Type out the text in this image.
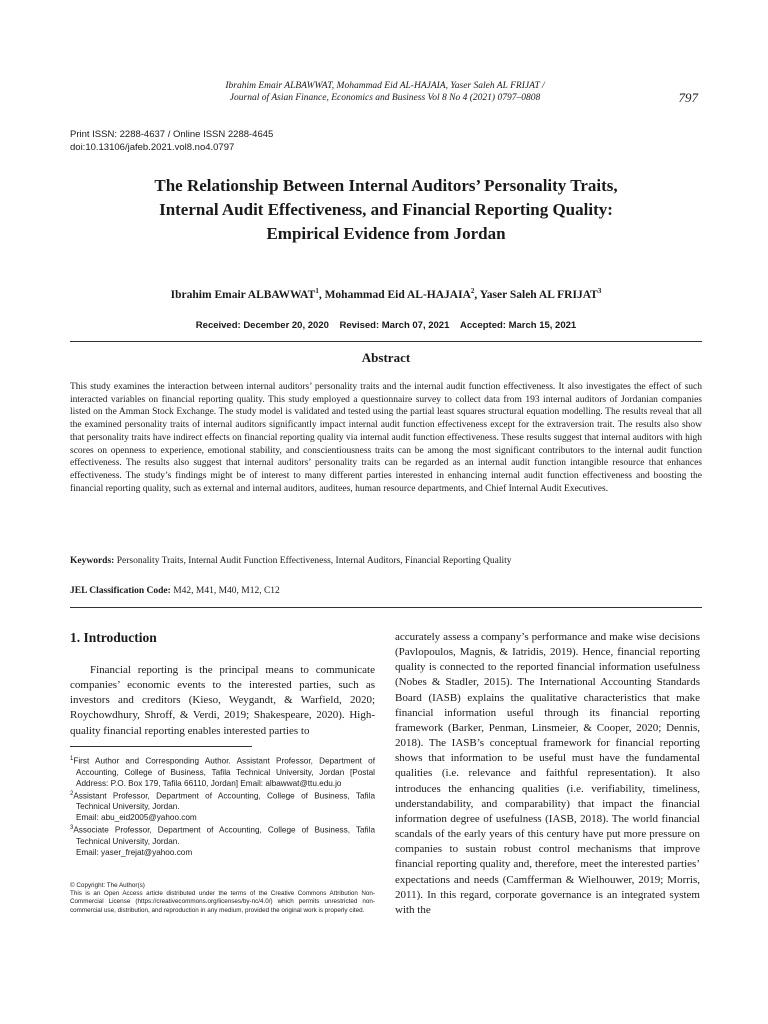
Ibrahim Emair ALBAWWAT, Mohammad Eid AL-HAJAIA, Yaser Saleh AL FRIJAT /
Journal of Asian Finance, Economics and Business Vol 8 No 4 (2021) 0797–0808	797
Print ISSN: 2288-4637 / Online ISSN 2288-4645
doi:10.13106/jafeb.2021.vol8.no4.0797
The Relationship Between Internal Auditors’ Personality Traits,
Internal Audit Effectiveness, and Financial Reporting Quality:
Empirical Evidence from Jordan
Ibrahim Emair ALBAWWAT$^1$, Mohammad Eid AL-HAJAIA$^2$, Yaser Saleh AL FRIJAT$^3$
Received: December 20, 2020 Revised: March 07, 2021 Accepted: March 15, 2021
Abstract
This study examines the interaction between internal auditors’ personality traits and the internal audit function effectiveness. It also investigates the effect of such interacted variables on financial reporting quality. This study employed a questionnaire survey to collect data from 193 internal auditors of Jordanian companies listed on the Amman Stock Exchange. The study model is validated and tested using the partial least squares structural equation modelling. The results reveal that all the examined personality traits of internal auditors significantly impact internal audit function effectiveness except for the extraversion trait. The results also show that personality traits have indirect effects on financial reporting quality via internal audit function effectiveness. These results suggest that internal auditors with high scores on openness to experience, emotional stability, and conscientiousness traits can be among the most significant contributors to the internal audit function effectiveness. The results also suggest that internal auditors’ personality traits can be regarded as an internal audit function intangible resource that enhances effectiveness. The study’s findings might be of interest to many different parties interested in enhancing internal audit function effectiveness and boosting the financial reporting quality, such as external and internal auditors, auditees, human resource departments, and Chief Internal Audit Executives.
Keywords: Personality Traits, Internal Audit Function Effectiveness, Internal Auditors, Financial Reporting Quality
JEL Classification Code: M42, M41, M40, M12, C12
1. Introduction

Financial reporting is the principal means to communicate companies’ economic events to the interested parties, such as investors and creditors (Kieso, Weygandt, & Warfield, 2020; Roychowdhury, Shroff, & Verdi, 2019; Shakespeare, 2020). High-quality financial reporting enables interested parties to

accurately assess a company’s performance and make wise decisions (Pavlopoulos, Magnis, & Iatridis, 2019). Hence, financial reporting quality is connected to the reported financial information usefulness (Nobes & Stadler, 2015). The International Accounting Standards Board (IASB) explains the qualitative characteristics that make financial information useful through its financial reporting framework (Barker, Penman, Linsmeier, & Cooper, 2020; Dennis, 2018). The IASB’s conceptual framework for financial reporting shows that information to be useful must have the fundamental qualities (i.e. relevance and faithful representation). It also introduces the enhancing qualities (i.e. verifiability, timeliness, understandability, and comparability) that impact the financial information degree of usefulness (IASB, 2018). The world financial scandals of the early years of this century have put more pressure on companies to sustain robust control mechanisms that improve financial reporting quality and, therefore, meet the interested parties’ expectations and needs (Camfferman & Wielhouwer, 2019; Morris, 2011). In this regard, corporate governance is an integrated system with the

$^1$First Author and Corresponding Author. Assistant Professor, Department of Accounting, College of Business, Tafila Technical University, Jordan [Postal Address: P.O. Box 179, Tafila 66110, Jordan] Email: albawwat@ttu.edu.jo
$^2$Assistant Professor, Department of Accounting, College of Business, Tafila Technical University, Jordan.
Email: abu_eid2005@yahoo.com
$^3$Associate Professor, Department of Accounting, College of Business, Tafila Technical University, Jordan.
Email: yaser_frejat@yahoo.com
© Copyright: The Author(s)
This is an Open Access article distributed under the terms of the Creative Commons Attribution Non-Commercial License (https://creativecommons.org/licenses/by-nc/4.0/) which permits unrestricted non-commercial use, distribution, and reproduction in any medium, provided the original work is properly cited.
